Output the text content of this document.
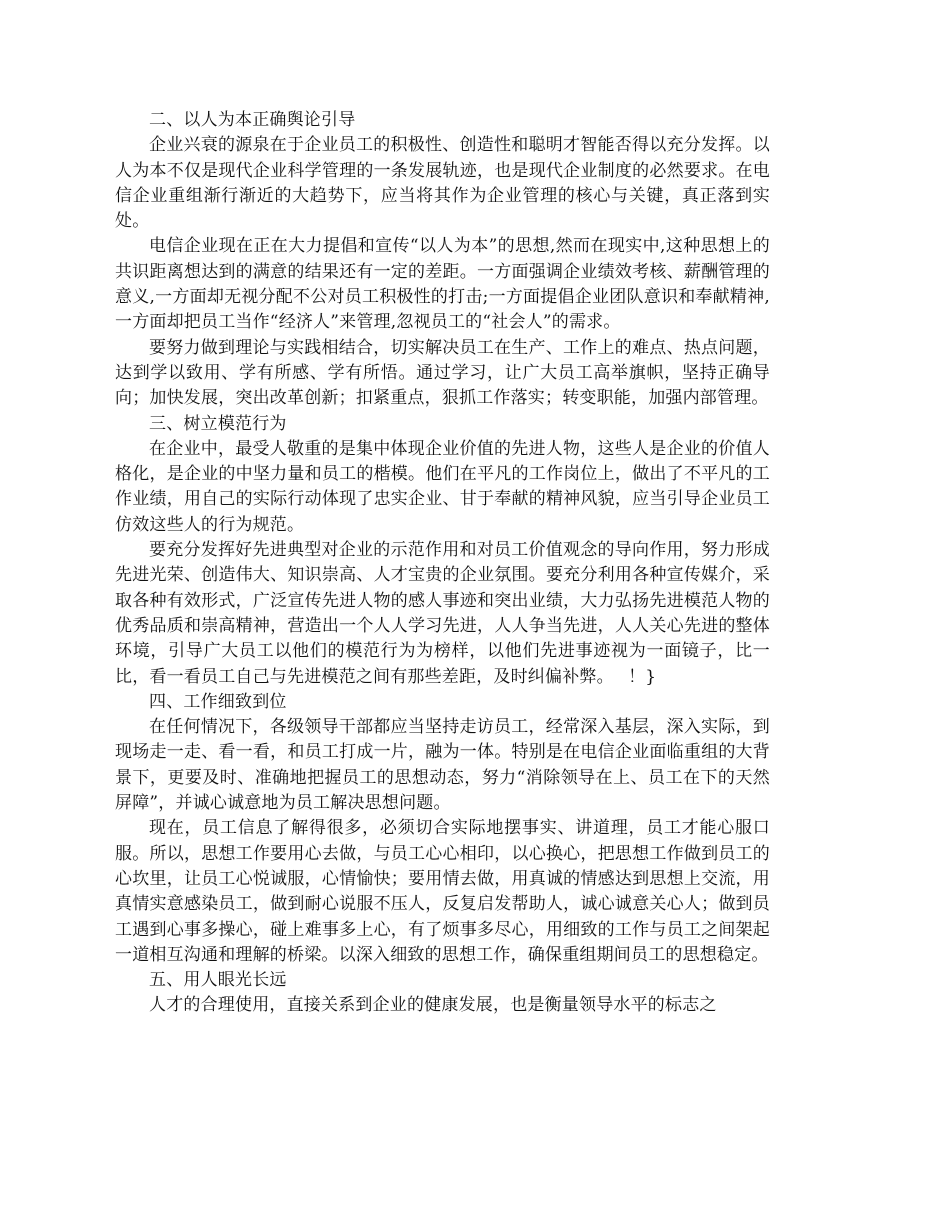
二、以人为本正确舆论引导

企业兴衰的源泉在于企业员工的积极性、创造性和聪明才智能否得以充分发挥。以人为本不仅是现代企业科学管理的一条发展轨迹，也是现代企业制度的必然要求。在电信企业重组渐行渐近的大趋势下，应当将其作为企业管理的核心与关键，真正落到实处。

电信企业现在正在大力提倡和宣传“以人为本”的思想,然而在现实中,这种思想上的共识距离想达到的满意的结果还有一定的差距。一方面强调企业绩效考核、薪酬管理的意义,一方面却无视分配不公对员工积极性的打击;一方面提倡企业团队意识和奉献精神,一方面却把员工当作“经济人”来管理,忽视员工的“社会人”的需求。

要努力做到理论与实践相结合，切实解决员工在生产、工作上的难点、热点问题，达到学以致用、学有所感、学有所悟。通过学习，让广大员工高举旗帜，坚持正确导向；加快发展，突出改革创新；扣紧重点，狠抓工作落实；转变职能，加强内部管理。

三、树立模范行为

在企业中，最受人敬重的是集中体现企业价值的先进人物，这些人是企业的价值人格化，是企业的中坚力量和员工的楷模。他们在平凡的工作岗位上，做出了不平凡的工作业绩，用自己的实际行动体现了忠实企业、甘于奉献的精神风貌，应当引导企业员工仿效这些人的行为规范。

要充分发挥好先进典型对企业的示范作用和对员工价值观念的导向作用，努力形成先进光荣、创造伟大、知识崇高、人才宝贵的企业氛围。要充分利用各种宣传媒介，采取各种有效形式，广泛宣传先进人物的感人事迹和突出业绩，大力弘扬先进模范人物的优秀品质和崇高精神，营造出一个人人学习先进，人人争当先进，人人关心先进的整体环境，引导广大员工以他们的模范行为为榜样，以他们先进事迹视为一面镜子，比一比，看一看员工自己与先进模范之间有那些差距，及时纠偏补弊。　 ！}

四、工作细致到位

在任何情况下，各级领导干部都应当坚持走访员工，经常深入基层，深入实际，到现场走一走、看一看，和员工打成一片，融为一体。特别是在电信企业面临重组的大背景下，更要及时、准确地把握员工的思想动态，努力“消除领导在上、员工在下的天然屏障”，并诚心诚意地为员工解决思想问题。

现在，员工信息了解得很多，必须切合实际地摆事实、讲道理，员工才能心服口服。所以，思想工作要用心去做，与员工心心相印，以心换心，把思想工作做到员工的心坎里，让员工心悦诚服，心情愉快；要用情去做，用真诚的情感达到思想上交流，用真情实意感染员工，做到耐心说服不压人，反复启发帮助人，诚心诚意关心人；做到员工遇到心事多操心，碰上难事多上心，有了烦事多尽心，用细致的工作与员工之间架起一道相互沟通和理解的桥梁。以深入细致的思想工作，确保重组期间员工的思想稳定。

五、用人眼光长远

人才的合理使用，直接关系到企业的健康发展，也是衡量领导水平的标志之
